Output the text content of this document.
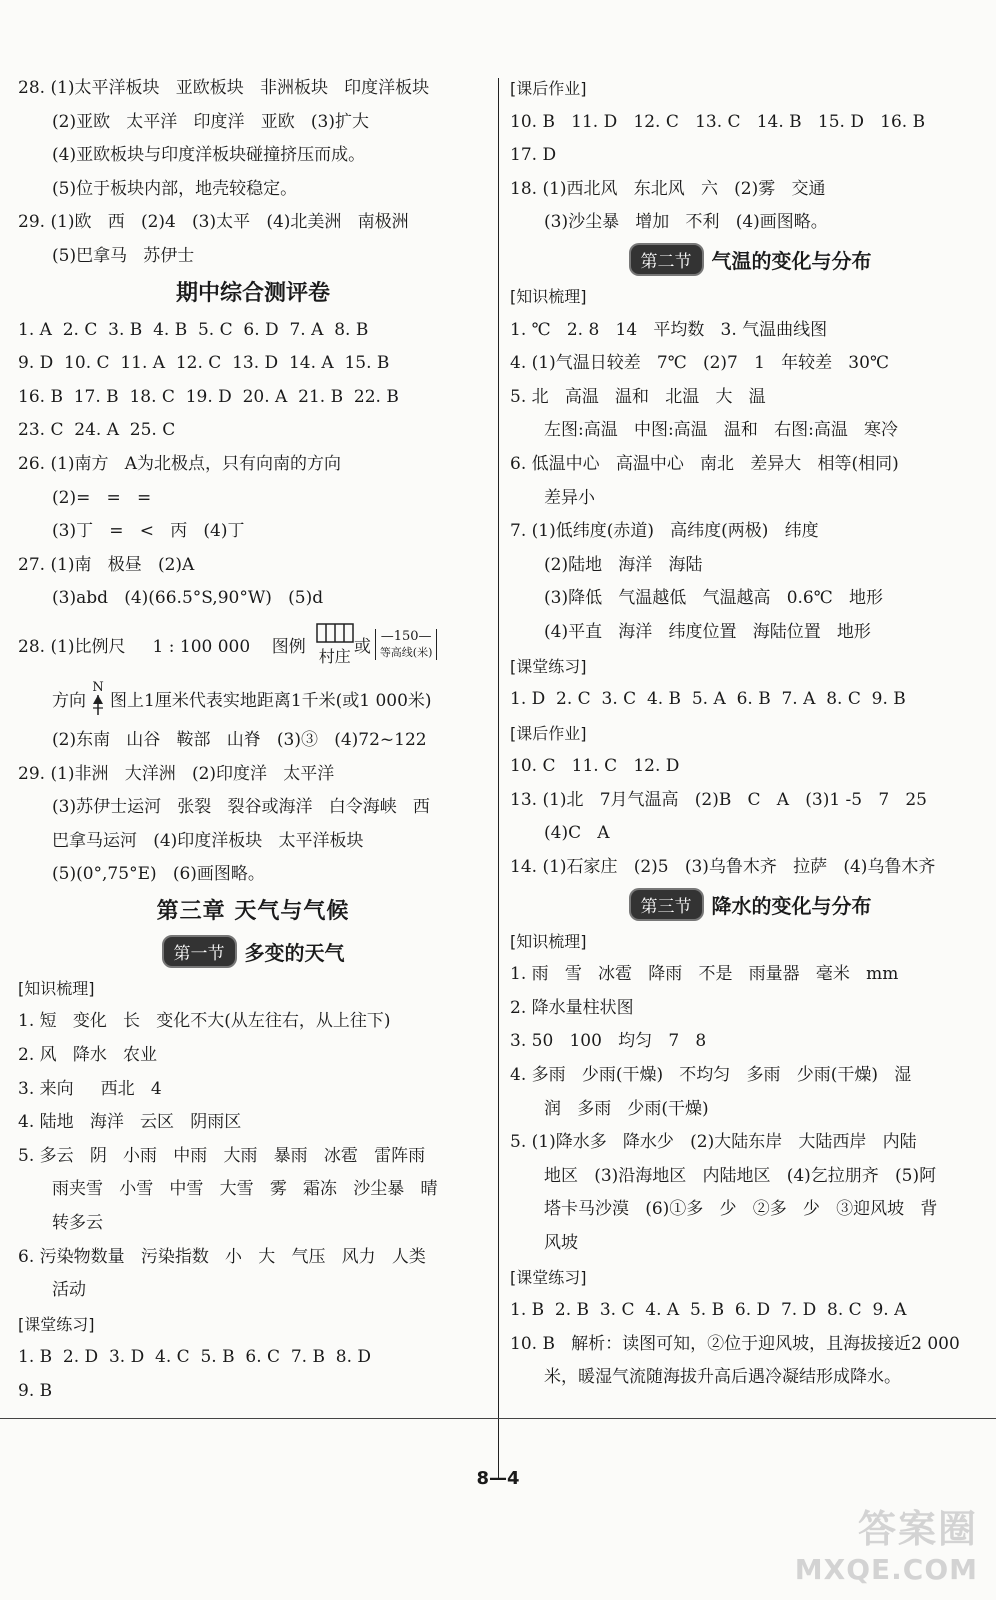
28. (1)太平洋板块   亚欧板块   非洲板块   印度洋板块
(2)亚欧   太平洋   印度洋   亚欧   (3)扩大
(4)亚欧板块与印度洋板块碰撞挤压而成。
(5)位于板块内部，地壳较稳定。
29. (1)欧   西   (2)4   (3)太平   (4)北美洲   南极洲
(5)巴拿马   苏伊士
期中综合测评卷
1. A  2. C  3. B  4. B  5. C  6. D  7. A  8. B
9. D  10. C  11. A  12. C  13. D  14. A  15. B
16. B  17. B  18. C  19. D  20. A  21. B  22. B
23. C  24. A  25. C
26. (1)南方   A为北极点，只有向南的方向
(2)=   =   =
(3)丁   =   <   丙   (4)丁
27. (1)南   极昼   (2)A
(3)abd   (4)(66.5°S,90°W)   (5)d
28. (1)比例尺     1 : 100 000    图例 村庄 或
—150—
等高线(米)
方向
N
图上1厘米代表实地距离1千米(或1 000米)
(2)东南   山谷   鞍部   山脊   (3)③   (4)72~122
29. (1)非洲   大洋洲   (2)印度洋   太平洋
(3)苏伊士运河   张裂   裂谷或海洋   白令海峡   西
巴拿马运河   (4)印度洋板块   太平洋板块
(5)(0°,75°E)   (6)画图略。
第三章 天气与气候
第一节	多变的天气
[知识梳理]
1. 短   变化   长   变化不大(从左往右，从上往下)
2. 风   降水   农业
3. 来向     西北   4
4. 陆地   海洋   云区   阴雨区
5. 多云   阴   小雨   中雨   大雨   暴雨   冰雹   雷阵雨
雨夹雪   小雪   中雪   大雪   雾   霜冻   沙尘暴   晴
转多云
6. 污染物数量   污染指数   小   大   气压   风力   人类
活动
[课堂练习]
1. B  2. D  3. D  4. C  5. B  6. C  7. B  8. D
9. B
[课后作业]
10. B   11. D   12. C   13. C   14. B   15. D   16. B
17. D
18. (1)西北风   东北风   六   (2)雾   交通
(3)沙尘暴   增加   不利   (4)画图略。
第二节	气温的变化与分布
[知识梳理]
1. ℃   2. 8   14   平均数   3. 气温曲线图
4. (1)气温日较差   7℃   (2)7   1   年较差   30℃
5. 北   高温   温和   北温   大   温
左图:高温   中图:高温   温和   右图:高温   寒冷
6. 低温中心   高温中心   南北   差异大   相等(相同)
差异小
7. (1)低纬度(赤道)   高纬度(两极)   纬度
(2)陆地   海洋   海陆
(3)降低   气温越低   气温越高   0.6℃   地形
(4)平直   海洋   纬度位置   海陆位置   地形
[课堂练习]
1. D  2. C  3. C  4. B  5. A  6. B  7. A  8. C  9. B
[课后作业]
10. C   11. C   12. D
13. (1)北   7月气温高   (2)B   C   A   (3)1 -5   7   25
(4)C   A
14. (1)石家庄   (2)5   (3)乌鲁木齐   拉萨   (4)乌鲁木齐
第三节	降水的变化与分布
[知识梳理]
1. 雨   雪   冰雹   降雨   不是   雨量器   毫米   mm
2. 降水量柱状图
3. 50   100   均匀   7   8
4. 多雨   少雨(干燥)   不均匀   多雨   少雨(干燥)   湿
润   多雨   少雨(干燥)
5. (1)降水多   降水少   (2)大陆东岸   大陆西岸   内陆
地区   (3)沿海地区   内陆地区   (4)乞拉朋齐   (5)阿
塔卡马沙漠   (6)①多   少   ②多   少   ③迎风坡   背
风坡
[课堂练习]
1. B  2. B  3. C  4. A  5. B  6. D  7. D  8. C  9. A
10. B   解析：读图可知，②位于迎风坡，且海拔接近2 000
米，暖湿气流随海拔升高后遇冷凝结形成降水。
8—4
答案圈
MXQE.COM
